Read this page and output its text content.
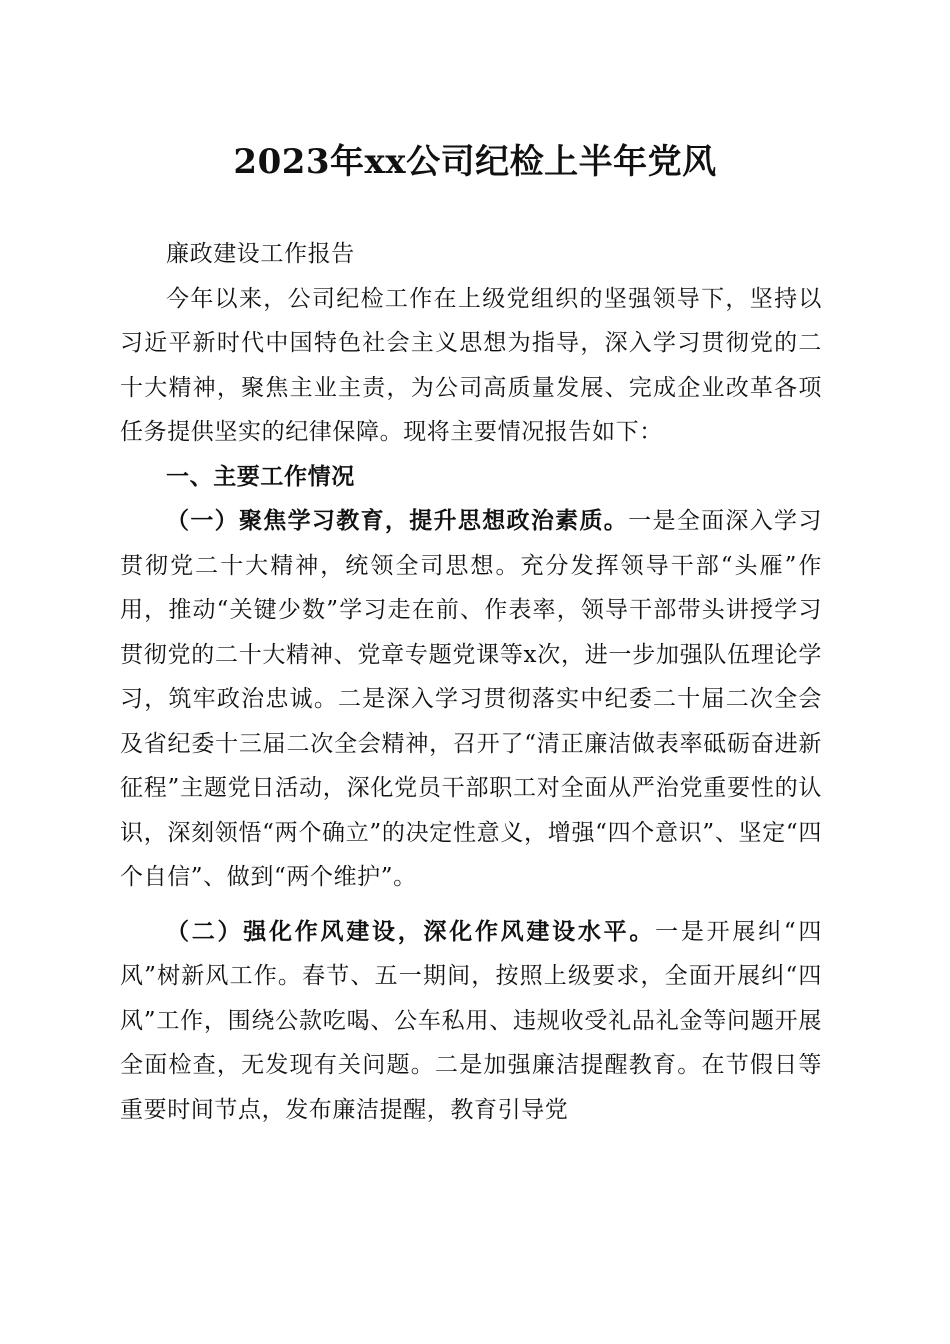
2023年xx公司纪检上半年党风

廉政建设工作报告

今年以来，公司纪检工作在上级党组织的坚强领导下，坚持以习近平新时代中国特色社会主义思想为指导，深入学习贯彻党的二十大精神，聚焦主业主责，为公司高质量发展、完成企业改革各项任务提供坚实的纪律保障。现将主要情况报告如下：

一、主要工作情况

（一）聚焦学习教育，提升思想政治素质。一是全面深入学习贯彻党二十大精神，统领全司思想。充分发挥领导干部“头雁”作用，推动“关键少数”学习走在前、作表率，领导干部带头讲授学习贯彻党的二十大精神、党章专题党课等x次，进一步加强队伍理论学习，筑牢政治忠诚。二是深入学习贯彻落实中纪委二十届二次全会及省纪委十三届二次全会精神，召开了“清正廉洁做表率砥砺奋进新征程”主题党日活动，深化党员干部职工对全面从严治党重要性的认识，深刻领悟“两个确立”的决定性意义，增强“四个意识”、坚定“四个自信”、做到“两个维护”。

（二）强化作风建设，深化作风建设水平。一是开展纠“四风”树新风工作。春节、五一期间，按照上级要求，全面开展纠“四风”工作，围绕公款吃喝、公车私用、违规收受礼品礼金等问题开展全面检查，无发现有关问题。二是加强廉洁提醒教育。在节假日等重要时间节点，发布廉洁提醒，教育引导党
